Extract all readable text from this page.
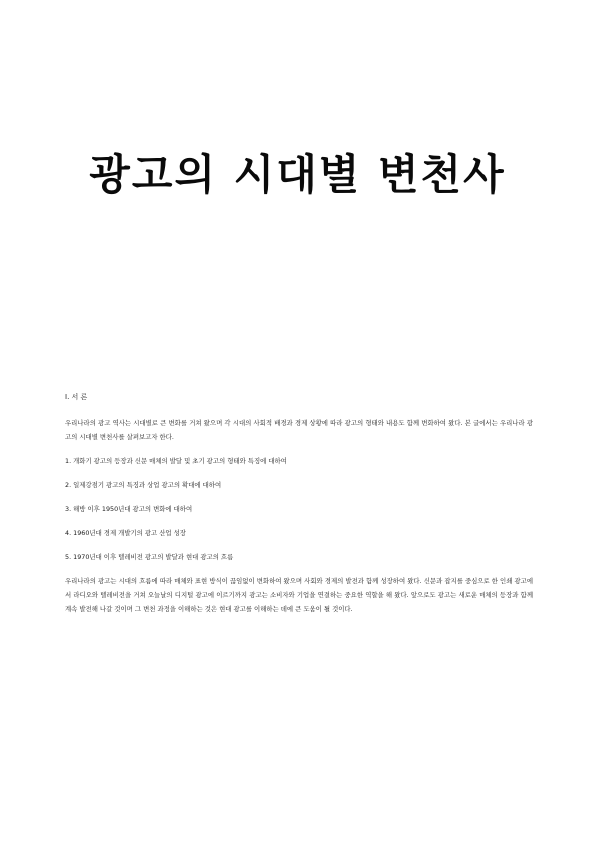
광고의 시대별 변천사
Ⅰ. 서 론
우리나라의 광고 역사는 시대별로 큰 변화를 거쳐 왔으며 각 시대의 사회적 배경과 경제 상황에 따라 광고의 형태와 내용도 함께 변화하여 왔다. 본 글에서는 우리나라 광고의 시대별 변천사를 살펴보고자 한다.
1. 개화기 광고의 등장과 신문 매체의 발달 및 초기 광고의 형태와 특징에 대하여
2. 일제강점기 광고의 특징과 상업 광고의 확대에 대하여
3. 해방 이후 1950년대 광고의 변화에 대하여
4. 1960년대 경제 개발기의 광고 산업 성장
5. 1970년대 이후 텔레비전 광고의 발달과 현대 광고의 흐름
우리나라의 광고는 시대의 흐름에 따라 매체와 표현 방식이 끊임없이 변화하여 왔으며 사회와 경제의 발전과 함께 성장하여 왔다. 신문과 잡지를 중심으로 한 인쇄 광고에서 라디오와 텔레비전을 거쳐 오늘날의 디지털 광고에 이르기까지 광고는 소비자와 기업을 연결하는 중요한 역할을 해 왔다. 앞으로도 광고는 새로운 매체의 등장과 함께 계속 발전해 나갈 것이며 그 변천 과정을 이해하는 것은 현대 광고를 이해하는 데에 큰 도움이 될 것이다.
